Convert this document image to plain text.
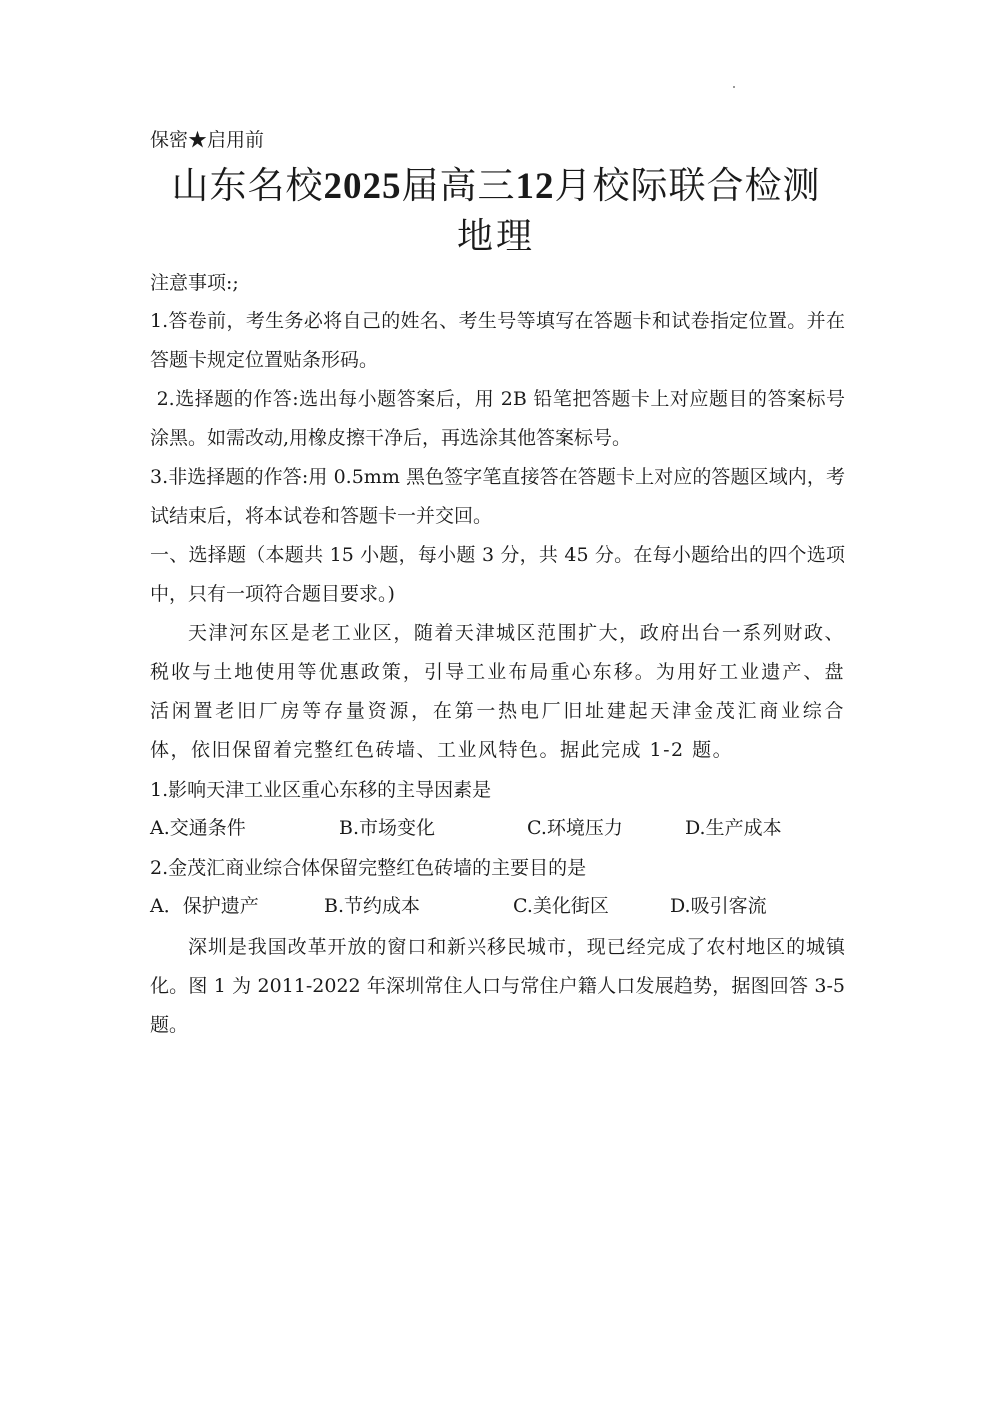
保密★启用前
山东名校2025届高三12月校际联合检测
地理
注意事项:;
1.答卷前，考生务必将自己的姓名、考生号等填写在答题卡和试卷指定位置。并在答题卡规定位置贴条形码。
2.选择题的作答:选出每小题答案后，用 2B 铅笔把答题卡上对应题目的答案标号涂黑。如需改动,用橡皮擦干净后，再选涂其他答案标号。
3.非选择题的作答:用 0.5mm 黑色签字笔直接答在答题卡上对应的答题区域内，考试结束后，将本试卷和答题卡一并交回。
一、选择题（本题共 15 小题，每小题 3 分，共 45 分。在每小题给出的四个选项中，只有一项符合题目要求。)
天津河东区是老工业区，随着天津城区范围扩大，政府出台一系列财政、税收与土地使用等优惠政策，引导工业布局重心东移。为用好工业遗产、盘活闲置老旧厂房等存量资源，在第一热电厂旧址建起天津金茂汇商业综合体，依旧保留着完整红色砖墙、工业风特色。据此完成 1-2 题。
1.影响天津工业区重心东移的主导因素是
A.交通条件	B.市场变化	C.环境压力	D.生产成本
2.金茂汇商业综合体保留完整红色砖墙的主要目的是
A．保护遗产	B.节约成本	C.美化街区	D.吸引客流
深圳是我国改革开放的窗口和新兴移民城市，现已经完成了农村地区的城镇化。图 1 为 2011-2022 年深圳常住人口与常住户籍人口发展趋势，据图回答 3-5 题。
